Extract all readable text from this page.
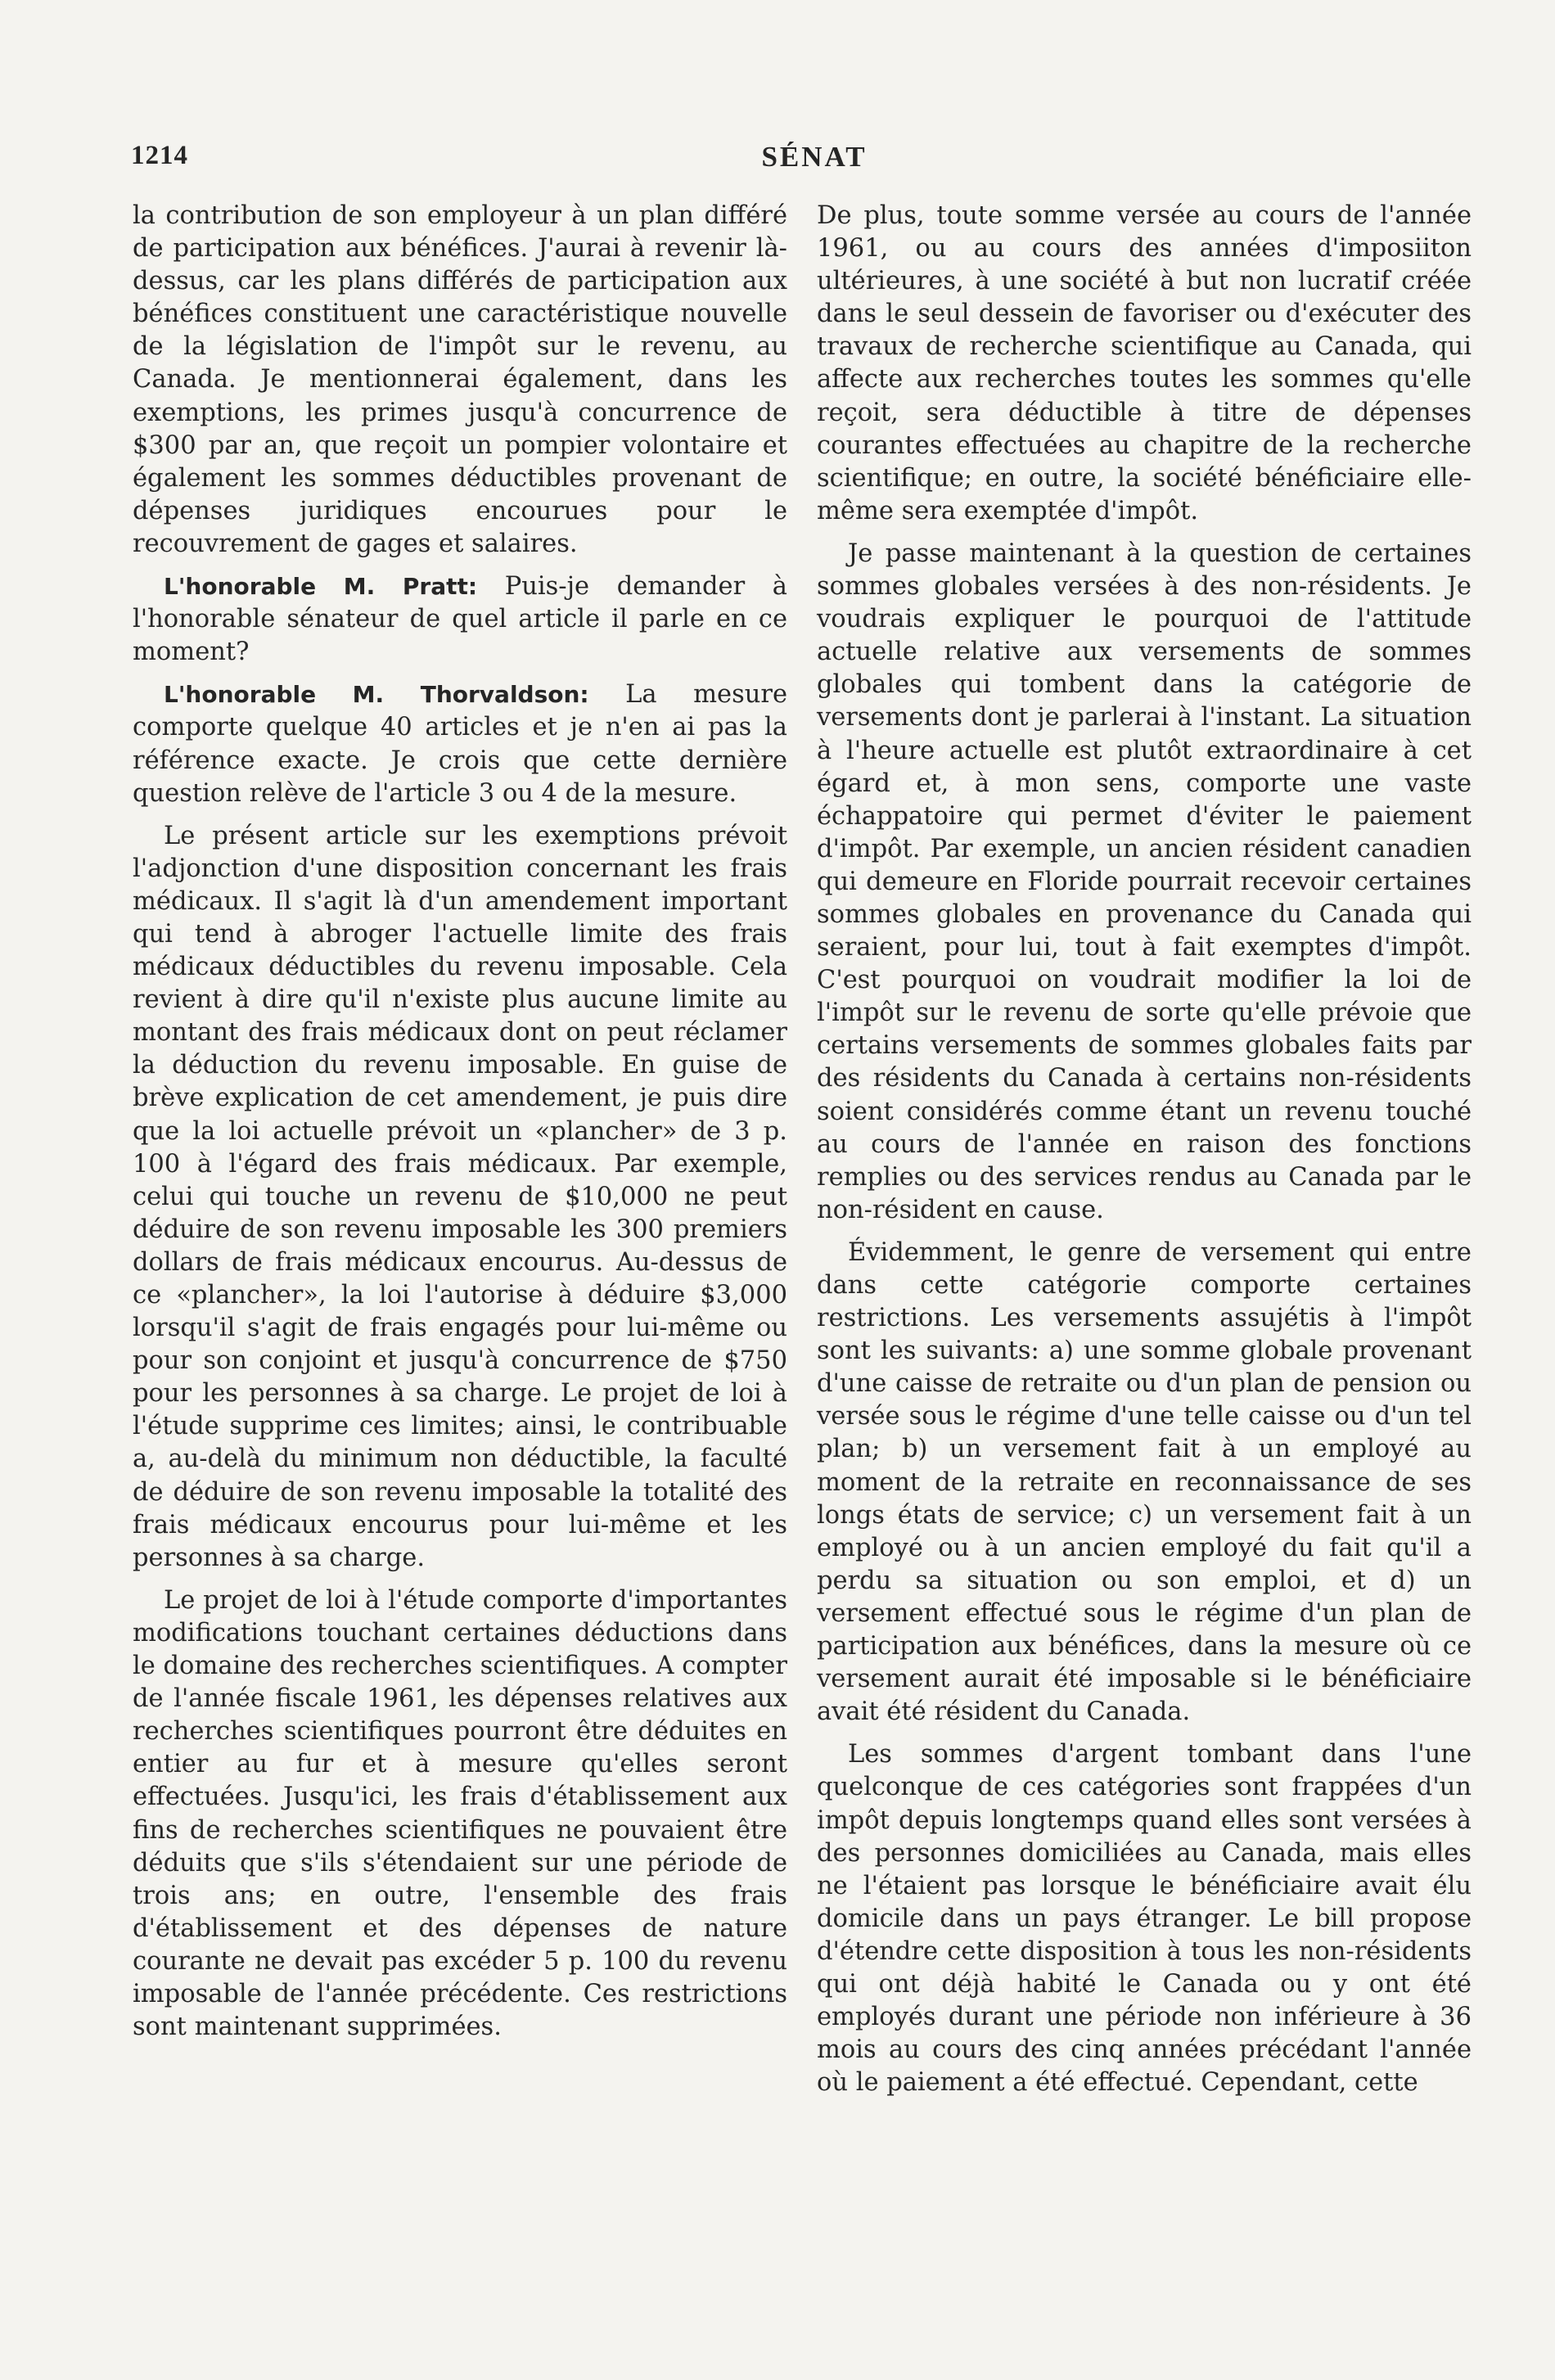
1214	SÉNAT

la contribution de son employeur à un plan différé de participation aux bénéfices. J'aurai à revenir là-dessus, car les plans différés de participation aux bénéfices constituent une caractéristique nouvelle de la législation de l'impôt sur le revenu, au Canada. Je mentionnerai également, dans les exemptions, les primes jusqu'à concurrence de $300 par an, que reçoit un pompier volontaire et également les sommes déductibles provenant de dépenses juridiques encourues pour le recouvrement de gages et salaires.

L'honorable M. Pratt: Puis-je demander à l'honorable sénateur de quel article il parle en ce moment?

L'honorable M. Thorvaldson: La mesure comporte quelque 40 articles et je n'en ai pas la référence exacte. Je crois que cette dernière question relève de l'article 3 ou 4 de la mesure.

Le présent article sur les exemptions prévoit l'adjonction d'une disposition concernant les frais médicaux. Il s'agit là d'un amendement important qui tend à abroger l'actuelle limite des frais médicaux déductibles du revenu imposable. Cela revient à dire qu'il n'existe plus aucune limite au montant des frais médicaux dont on peut réclamer la déduction du revenu imposable. En guise de brève explication de cet amendement, je puis dire que la loi actuelle prévoit un «plancher» de 3 p. 100 à l'égard des frais médicaux. Par exemple, celui qui touche un revenu de $10,000 ne peut déduire de son revenu imposable les 300 premiers dollars de frais médicaux encourus. Au-dessus de ce «plancher», la loi l'autorise à déduire $3,000 lorsqu'il s'agit de frais engagés pour lui-même ou pour son conjoint et jusqu'à concurrence de $750 pour les personnes à sa charge. Le projet de loi à l'étude supprime ces limites; ainsi, le contribuable a, au-delà du minimum non déductible, la faculté de déduire de son revenu imposable la totalité des frais médicaux encourus pour lui-même et les personnes à sa charge.

Le projet de loi à l'étude comporte d'importantes modifications touchant certaines déductions dans le domaine des recherches scientifiques. A compter de l'année fiscale 1961, les dépenses relatives aux recherches scientifiques pourront être déduites en entier au fur et à mesure qu'elles seront effectuées. Jusqu'ici, les frais d'établissement aux fins de recherches scientifiques ne pouvaient être déduits que s'ils s'étendaient sur une période de trois ans; en outre, l'ensemble des frais d'établissement et des dépenses de nature courante ne devait pas excéder 5 p. 100 du revenu imposable de l'année précédente. Ces restrictions sont maintenant supprimées.

De plus, toute somme versée au cours de l'année 1961, ou au cours des années d'imposiiton ultérieures, à une société à but non lucratif créée dans le seul dessein de favoriser ou d'exécuter des travaux de recherche scientifique au Canada, qui affecte aux recherches toutes les sommes qu'elle reçoit, sera déductible à titre de dépenses courantes effectuées au chapitre de la recherche scientifique; en outre, la société bénéficiaire elle-même sera exemptée d'impôt.

Je passe maintenant à la question de certaines sommes globales versées à des non-résidents. Je voudrais expliquer le pourquoi de l'attitude actuelle relative aux versements de sommes globales qui tombent dans la catégorie de versements dont je parlerai à l'instant. La situation à l'heure actuelle est plutôt extraordinaire à cet égard et, à mon sens, comporte une vaste échappatoire qui permet d'éviter le paiement d'impôt. Par exemple, un ancien résident canadien qui demeure en Floride pourrait recevoir certaines sommes globales en provenance du Canada qui seraient, pour lui, tout à fait exemptes d'impôt. C'est pourquoi on voudrait modifier la loi de l'impôt sur le revenu de sorte qu'elle prévoie que certains versements de sommes globales faits par des résidents du Canada à certains non-résidents soient considérés comme étant un revenu touché au cours de l'année en raison des fonctions remplies ou des services rendus au Canada par le non-résident en cause.

Évidemment, le genre de versement qui entre dans cette catégorie comporte certaines restrictions. Les versements assujétis à l'impôt sont les suivants: a) une somme globale provenant d'une caisse de retraite ou d'un plan de pension ou versée sous le régime d'une telle caisse ou d'un tel plan; b) un versement fait à un employé au moment de la retraite en reconnaissance de ses longs états de service; c) un versement fait à un employé ou à un ancien employé du fait qu'il a perdu sa situation ou son emploi, et d) un versement effectué sous le régime d'un plan de participation aux bénéfices, dans la mesure où ce versement aurait été imposable si le bénéficiaire avait été résident du Canada.

Les sommes d'argent tombant dans l'une quelconque de ces catégories sont frappées d'un impôt depuis longtemps quand elles sont versées à des personnes domiciliées au Canada, mais elles ne l'étaient pas lorsque le bénéficiaire avait élu domicile dans un pays étranger. Le bill propose d'étendre cette disposition à tous les non-résidents qui ont déjà habité le Canada ou y ont été employés durant une période non inférieure à 36 mois au cours des cinq années précédant l'année où le paiement a été effectué. Cependant, cette
